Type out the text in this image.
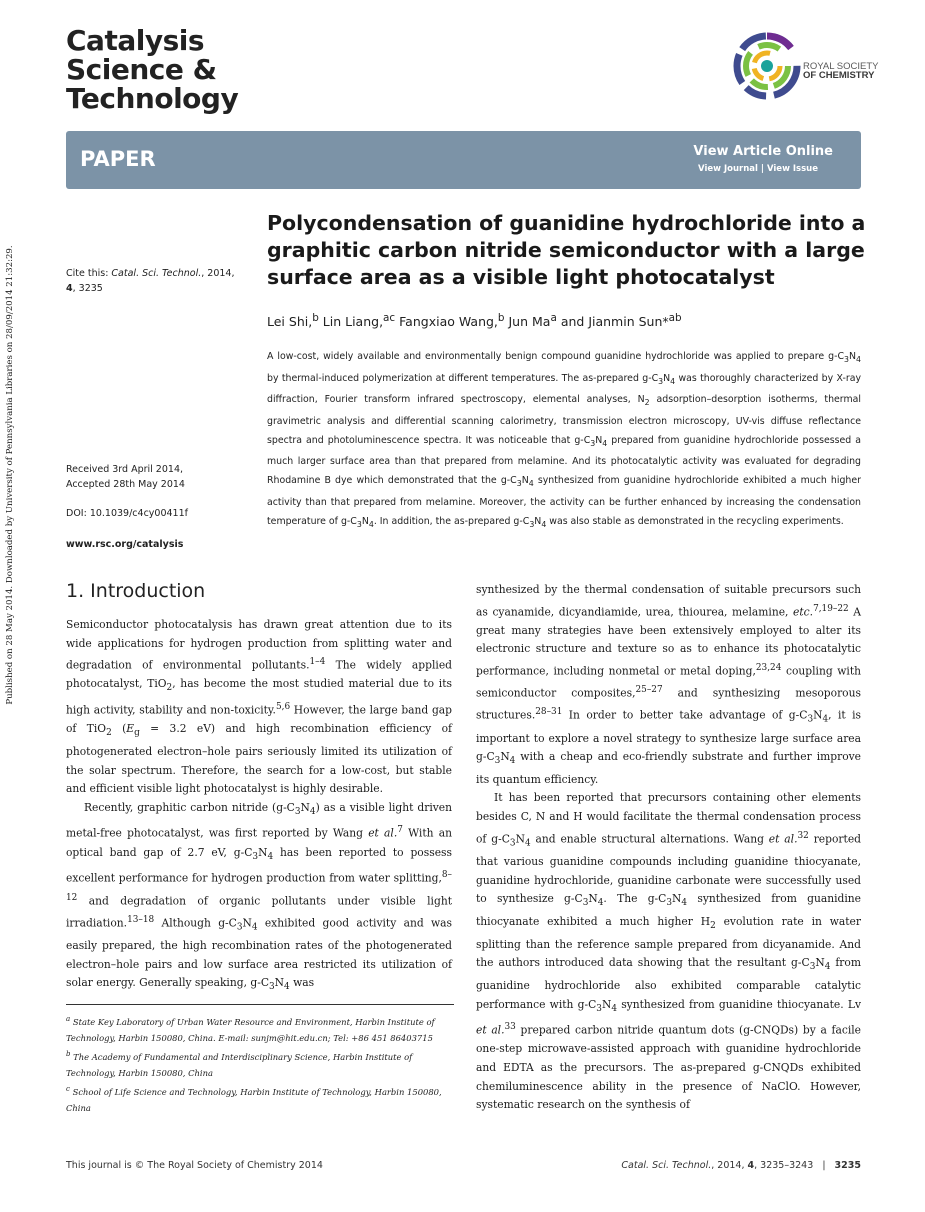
Published on 28 May 2014. Downloaded by University of Pennsylvania Libraries on 28/09/2014 21:32:29.
Catalysis
Science &
Technology
ROYAL SOCIETY
OF CHEMISTRY
PAPER	View Article Online
View Journal | View Issue
Cite this: Catal. Sci. Technol., 2014,
4, 3235
Received 3rd April 2014,
Accepted 28th May 2014
DOI: 10.1039/c4cy00411f
www.rsc.org/catalysis
Polycondensation of guanidine hydrochloride into a graphitic carbon nitride semiconductor with a large surface area as a visible light photocatalyst
Lei Shi,$^b$ Lin Liang,$^{ac}$ Fangxiao Wang,$^b$ Jun Ma$^a$ and Jianmin Sun*$^{ab}$
A low-cost, widely available and environmentally benign compound guanidine hydrochloride was applied to prepare $g-C_3N_4$ by thermal-induced polymerization at different temperatures. The as-prepared $g-C_3N_4$ was thoroughly characterized by X-ray diffraction, Fourier transform infrared spectroscopy, elemental analyses, $N_2$ adsorption–desorption isotherms, thermal gravimetric analysis and differential scanning calorimetry, transmission electron microscopy, UV-vis diffuse reflectance spectra and photoluminescence spectra. It was noticeable that $g-C_3N_4$ prepared from guanidine hydrochloride possessed a much larger surface area than that prepared from melamine. And its photocatalytic activity was evaluated for degrading Rhodamine B dye which demonstrated that the $g-C_3N_4$ synthesized from guanidine hydrochloride exhibited a much higher activity than that prepared from melamine. Moreover, the activity can be further enhanced by increasing the condensation temperature of $g-C_3N_4$. In addition, the as-prepared $g-C_3N_4$ was also stable as demonstrated in the recycling experiments.
1. Introduction

Semiconductor photocatalysis has drawn great attention due to its wide applications for hydrogen production from splitting water and degradation of environmental pollutants.$^{1-4}$ The widely applied photocatalyst, TiO$_2$, has become the most studied material due to its high activity, stability and non-toxicity.$^{5,6}$ However, the large band gap of TiO$_2$ ($E_g = 3.2$ eV) and high recombination efficiency of photogenerated electron–hole pairs seriously limited its utilization of the solar spectrum. Therefore, the search for a low-cost, but stable and efficient visible light photocatalyst is highly desirable.

Recently, graphitic carbon nitride $(g-C_3N_4)$ as a visible light driven metal-free photocatalyst, was first reported by Wang et al.$^7$ With an optical band gap of 2.7 eV, $g-C_3N_4$ has been reported to possess excellent performance for hydrogen production from water splitting,$^{8-12}$ and degradation of organic pollutants under visible light irradiation.$^{13-18}$ Although $g-C_3N_4$ exhibited good activity and was easily prepared, the high recombination rates of the photogenerated electron–hole pairs and low surface area restricted its utilization of solar energy. Generally speaking, $g-C_3N_4$ was

synthesized by the thermal condensation of suitable precursors such as cyanamide, dicyandiamide, urea, thiourea, melamine, etc.$^{7,19-22}$ A great many strategies have been extensively employed to alter its electronic structure and texture so as to enhance its photocatalytic performance, including nonmetal or metal doping,$^{23,24}$ coupling with semiconductor composites,$^{25-27}$ and synthesizing mesoporous structures.$^{28-31}$ In order to better take advantage of $g-C_3N_4$, it is important to explore a novel strategy to synthesize large surface area $g-C_3N_4$ with a cheap and eco-friendly substrate and further improve its quantum efficiency.

It has been reported that precursors containing other elements besides C, N and H would facilitate the thermal condensation process of $g-C_3N_4$ and enable structural alternations. Wang et al.$^{32}$ reported that various guanidine compounds including guanidine thiocyanate, guanidine hydrochloride, guanidine carbonate were successfully used to synthesize $g-C_3N_4$. The $g-C_3N_4$ synthesized from guanidine thiocyanate exhibited a much higher $H_2$ evolution rate in water splitting than the reference sample prepared from dicyanamide. And the authors introduced data showing that the resultant $g-C_3N_4$ from guanidine hydrochloride also exhibited comparable catalytic performance with $g-C_3N_4$ synthesized from guanidine thiocyanate. Lv et al.$^{33}$ prepared carbon nitride quantum dots (g-CNQDs) by a facile one-step microwave-assisted approach with guanidine hydrochloride and EDTA as the precursors. The as-prepared g-CNQDs exhibited chemiluminescence ability in the presence of NaClO. However, systematic research on the synthesis of

$^a$ State Key Laboratory of Urban Water Resource and Environment, Harbin Institute of Technology, Harbin 150080, China. E-mail: sunjm@hit.edu.cn; Tel: +86 451 86403715
$^b$ The Academy of Fundamental and Interdisciplinary Science, Harbin Institute of Technology, Harbin 150080, China
$^c$ School of Life Science and Technology, Harbin Institute of Technology, Harbin 150080, China
This journal is © The Royal Society of Chemistry 2014	Catal. Sci. Technol., 2014, 4, 3235–3243 | 3235
